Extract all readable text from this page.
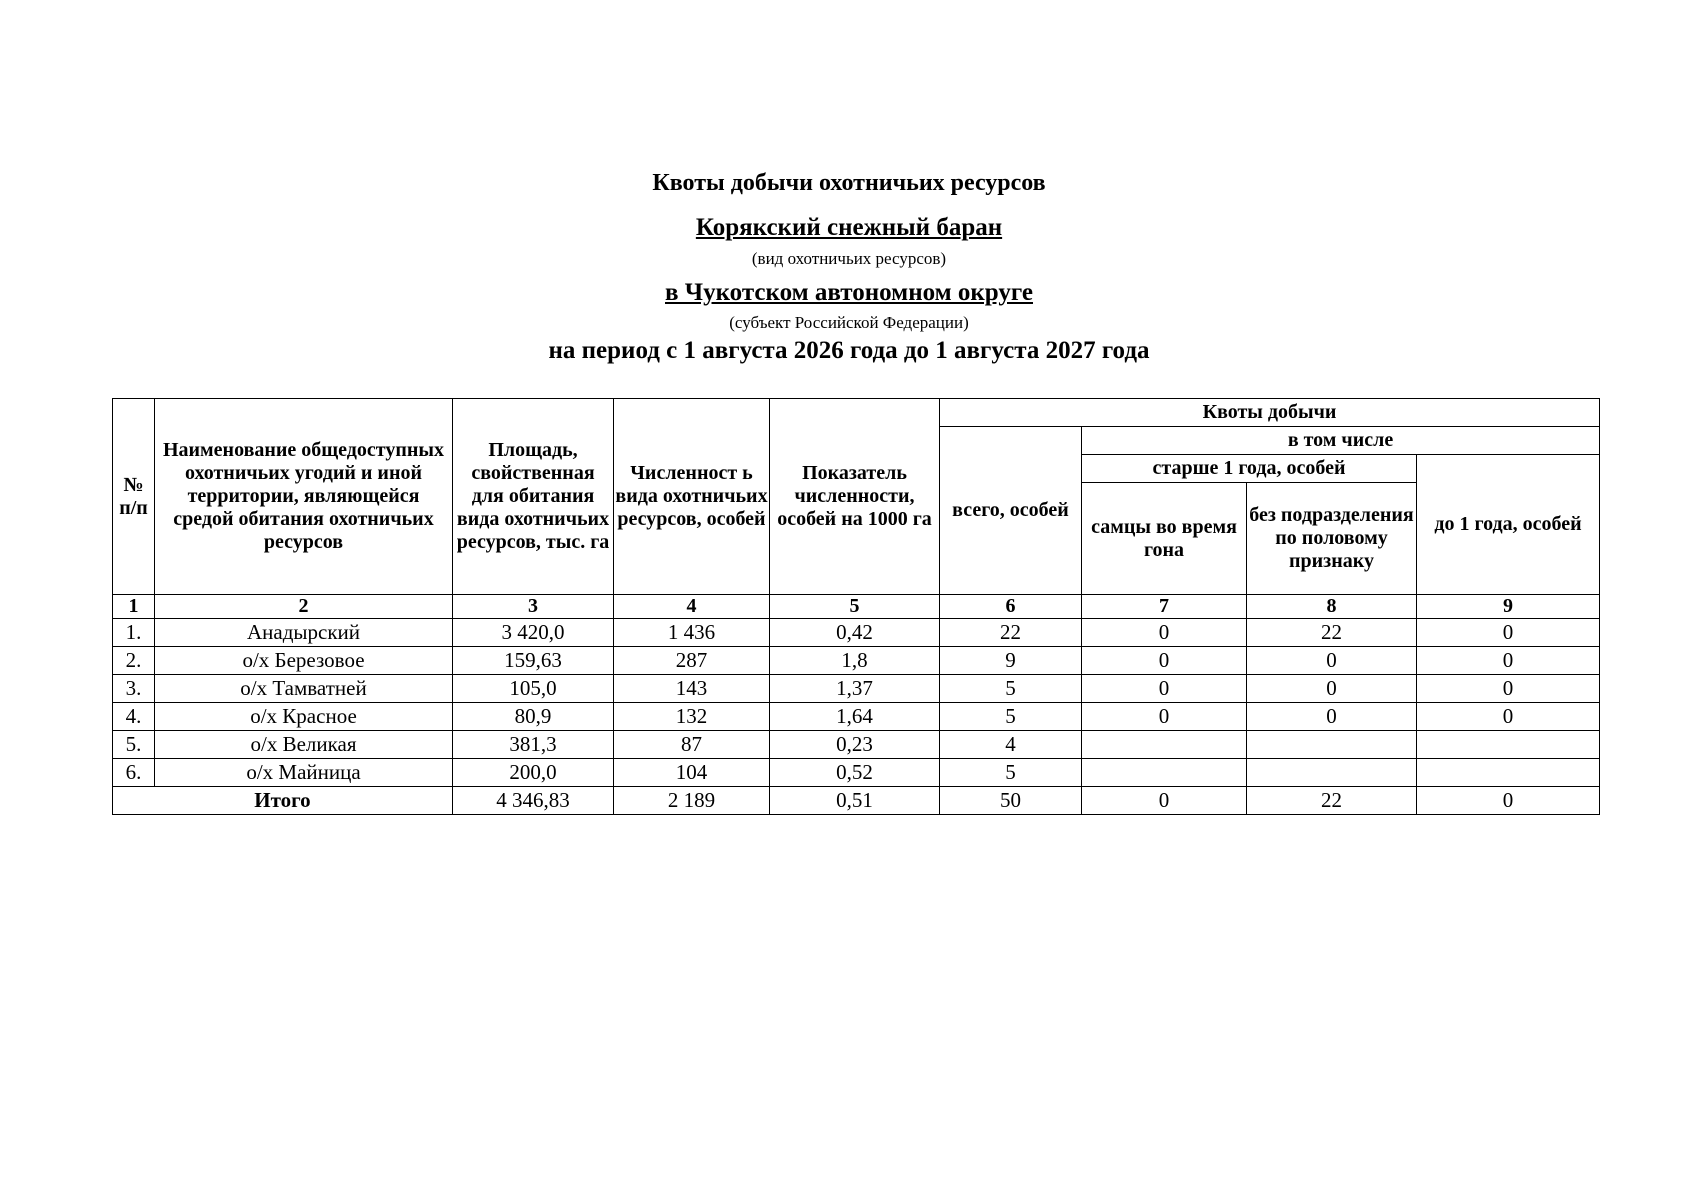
Квоты добычи охотничьих ресурсов
Корякский снежный баран
(вид охотничьих ресурсов)
в Чукотском автономном округе
(субъект Российской Федерации)
на период с 1 августа 2026 года до 1 августа 2027 года
№ п/п	Наименование общедоступных охотничьих угодий и иной территории, являющейся средой обитания охотничьих ресурсов	Площадь, свойственная для обитания вида охотничьих ресурсов, тыс. га	Численност ь вида охотничьих ресурсов, особей	Показатель численности, особей на 1000 га	Квоты добычи			
					всего, особей	в том числе		
						старше 1 года, особей		до 1 года, особей
						самцы во время гона	без подразделения по половому признаку	
1	2	3	4	5	6	7	8	9
1.	Анадырский	3 420,0	1 436	0,42	22	0	22	0
2.	о/х Березовое	159,63	287	1,8	9	0	0	0
3.	о/х Тамватней	105,0	143	1,37	5	0	0	0
4.	о/х Красное	80,9	132	1,64	5	0	0	0
5.	о/х Великая	381,3	87	0,23	4			
6.	о/х Майница	200,0	104	0,52	5			
Итого		4 346,83	2 189	0,51	50	0	22	0
